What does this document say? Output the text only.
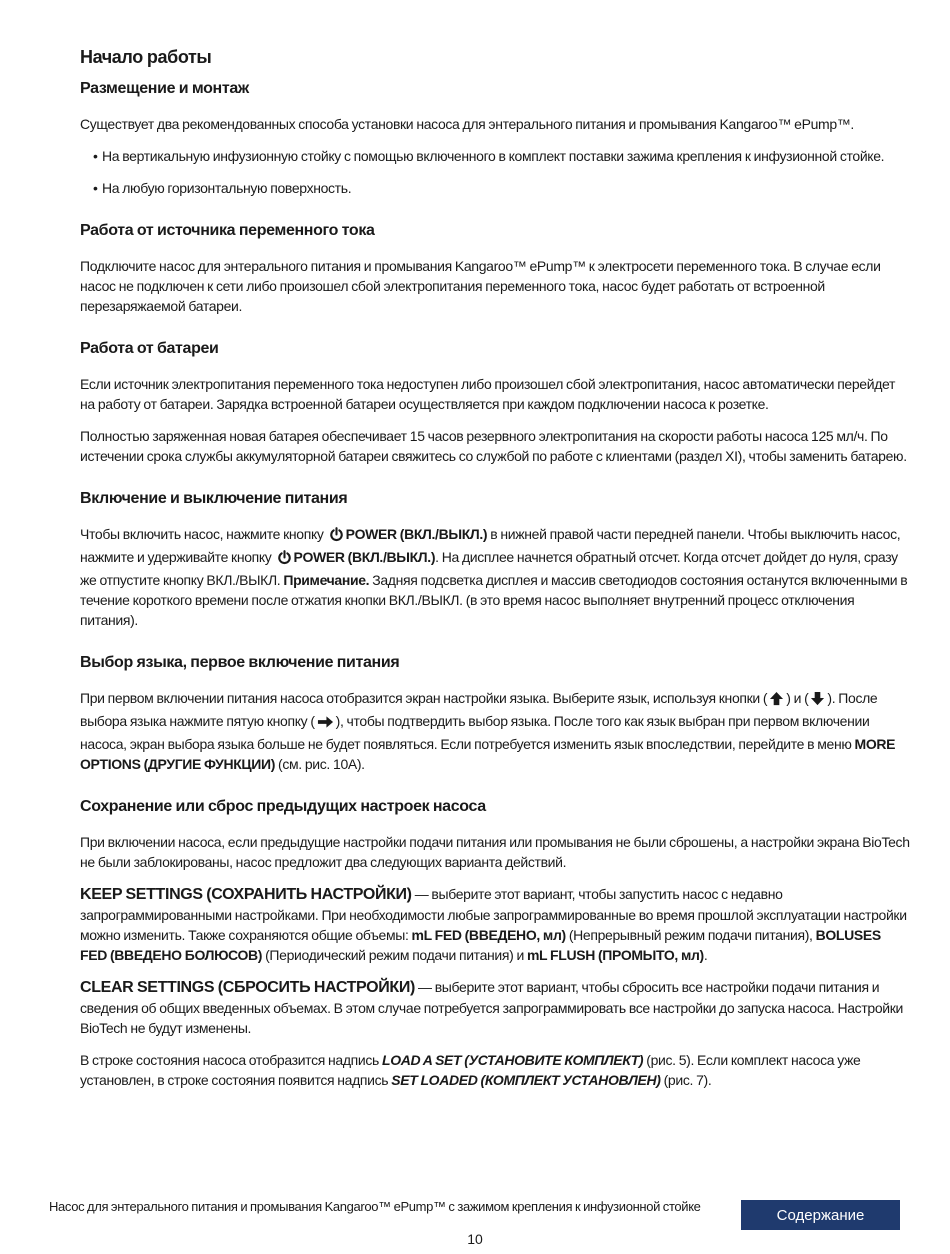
Начало работы
Размещение и монтаж

Существует два рекомендованных способа установки насоса для энтерального питания и промывания Kangaroo™ ePump™.

• На вертикальную инфузионную стойку с помощью включенного в комплект поставки зажима крепления к инфузионной стойке.
• На любую горизонтальную поверхность.
Работа от источника переменного тока

Подключите насос для энтерального питания и промывания Kangaroo™ ePump™ к электросети переменного тока. В случае если насос не подключен к сети либо произошел сбой электропитания переменного тока, насос будет работать от встроенной перезаряжаемой батареи.

Работа от батареи

Если источник электропитания переменного тока недоступен либо произошел сбой электропитания, насос автоматически перейдет на работу от батареи. Зарядка встроенной батареи осуществляется при каждом подключении насоса к розетке.

Полностью заряженная новая батарея обеспечивает 15 часов резервного электропитания на скорости работы насоса 125 мл/ч. По истечении срока службы аккумуляторной батареи свяжитесь со службой по работе с клиентами (раздел XI), чтобы заменить батарею.

Включение и выключение питания

Чтобы включить насос, нажмите кнопку POWER (ВКЛ./ВЫКЛ.) в нижней правой части передней панели. Чтобы выключить насос, нажмите и удерживайте кнопку POWER (ВКЛ./ВЫКЛ.). На дисплее начнется обратный отсчет. Когда отсчет дойдет до нуля, сразу же отпустите кнопку ВКЛ./ВЫКЛ. Примечание. Задняя подсветка дисплея и массив светодиодов состояния останутся включенными в течение короткого времени после отжатия кнопки ВКЛ./ВЫКЛ. (в это время насос выполняет внутренний процесс отключения питания).

Выбор языка, первое включение питания

При первом включении питания насоса отобразится экран настройки языка. Выберите язык, используя кнопки ( ) и ( ). После выбора языка нажмите пятую кнопку ( ), чтобы подтвердить выбор языка. После того как язык выбран при первом включении насоса, экран выбора языка больше не будет появляться. Если потребуется изменить язык впоследствии, перейдите в меню MORE OPTIONS (ДРУГИЕ ФУНКЦИИ) (см. рис. 10A).

Сохранение или сброс предыдущих настроек насоса

При включении насоса, если предыдущие настройки подачи питания или промывания не были сброшены, а настройки экрана BioTech не были заблокированы, насос предложит два следующих варианта действий.

KEEP SETTINGS (СОХРАНИТЬ НАСТРОЙКИ) — выберите этот вариант, чтобы запустить насос с недавно запрограммированными настройками. При необходимости любые запрограммированные во время прошлой эксплуатации настройки можно изменить. Также сохраняются общие объемы: mL FED (ВВЕДЕНО, мл) (Непрерывный режим подачи питания), BOLUSES FED (ВВЕДЕНО БОЛЮСОВ) (Периодический режим подачи питания) и mL FLUSH (ПРОМЫТО, мл).

CLEAR SETTINGS (СБРОСИТЬ НАСТРОЙКИ) — выберите этот вариант, чтобы сбросить все настройки подачи питания и сведения об общих введенных объемах. В этом случае потребуется запрограммировать все настройки до запуска насоса. Настройки BioTech не будут изменены.

В строке состояния насоса отобразится надпись LOAD A SET (УСТАНОВИТЕ КОМПЛЕКТ) (рис. 5). Если комплект насоса уже установлен, в строке состояния появится надпись SET LOADED (КОМПЛЕКТ УСТАНОВЛЕН) (рис. 7).

Насос для энтерального питания и промывания Kangaroo™ ePump™ с зажимом крепления к инфузионной стойке	Содержание
10
